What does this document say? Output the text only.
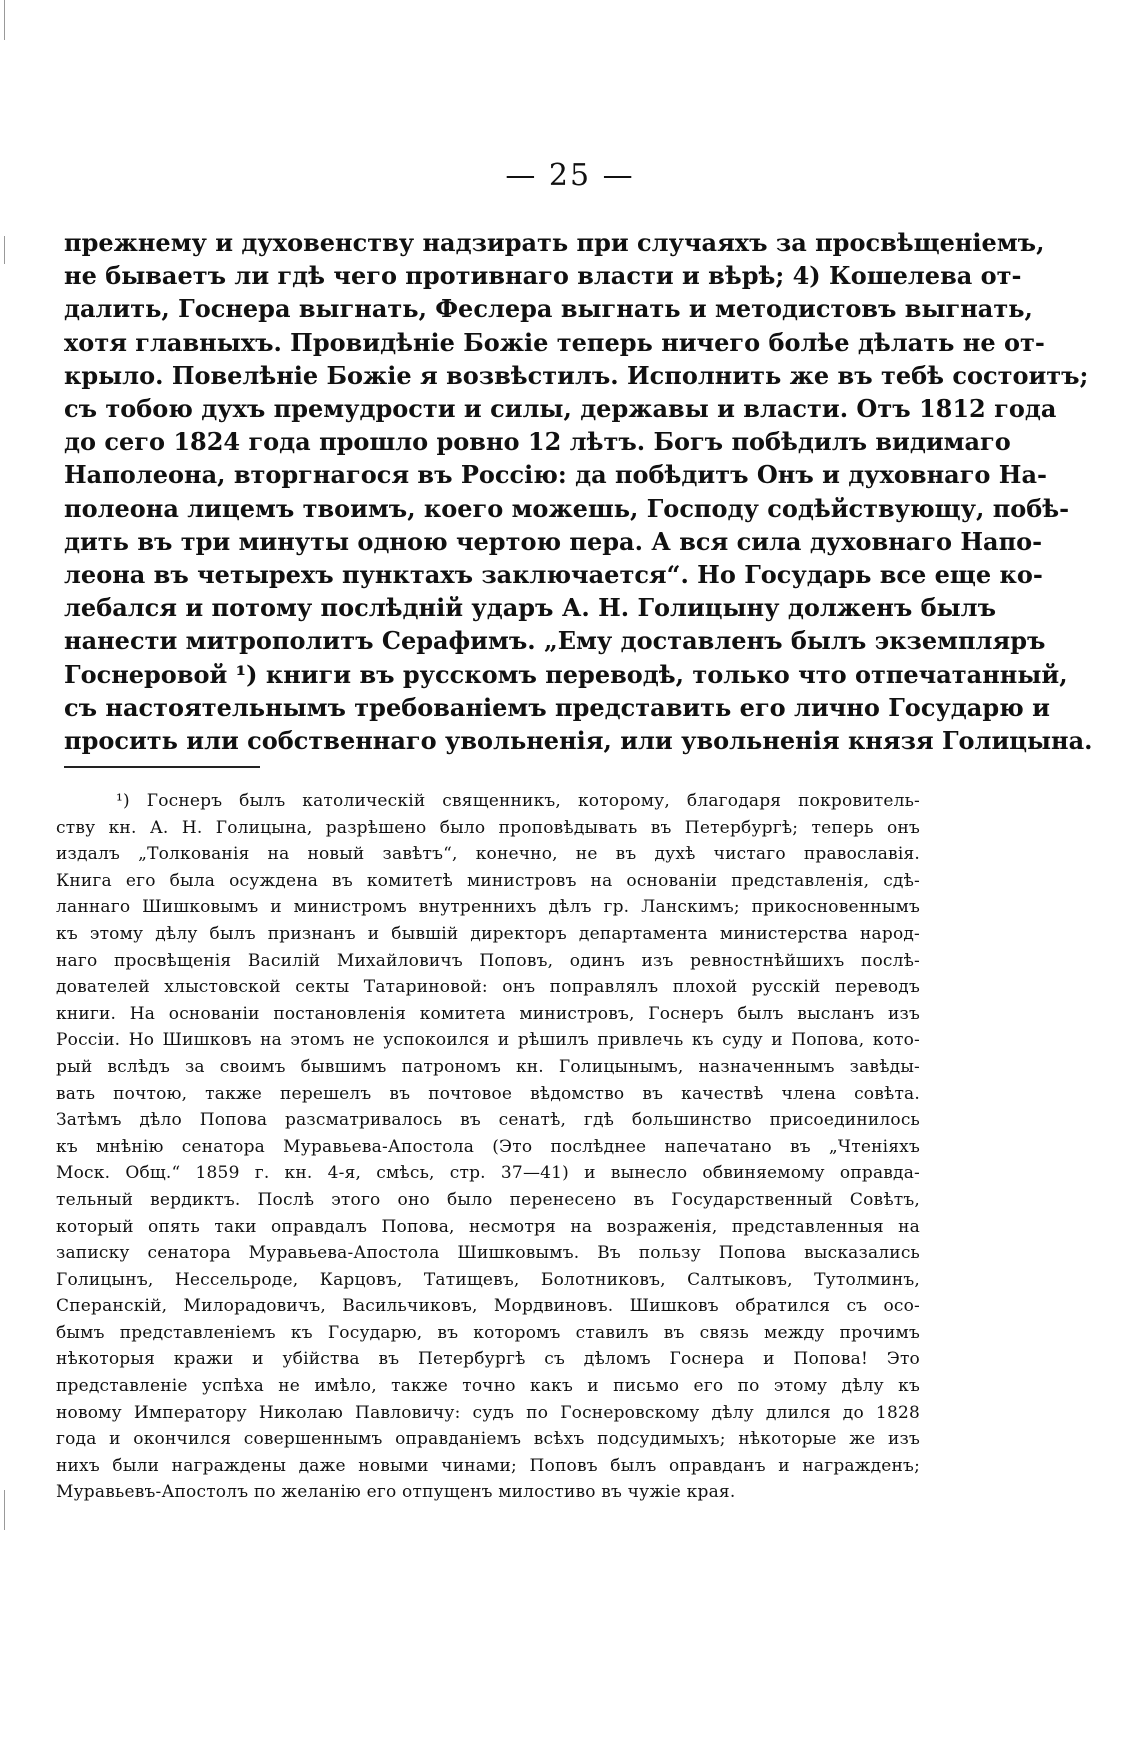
— 25 —
прежнему и духовенству надзирать при случаяхъ за просвѣщеніемъ,
не бываетъ ли гдѣ чего противнаго власти и вѣрѣ; 4) Кошелева от-
далить, Госнера выгнать, Феслера выгнать и методистовъ выгнать,
хотя главныхъ. Провидѣніе Божіе теперь ничего болѣе дѣлать не от-
крыло. Повелѣніе Божіе я возвѣстилъ. Исполнить же въ тебѣ состоитъ;
съ тобою духъ премудрости и силы, державы и власти. Отъ 1812 года
до сего 1824 года прошло ровно 12 лѣтъ. Богъ побѣдилъ видимаго
Наполеона, вторгнагося въ Россію: да побѣдитъ Онъ и духовнаго На-
полеона лицемъ твоимъ, коего можешь, Господу содѣйствующу, побѣ-
дить въ три минуты одною чертою пера. А вся сила духовнаго Напо-
леона въ четырехъ пунктахъ заключается“. Но Государь все еще ко-
лебался и потому послѣдній ударъ А. Н. Голицыну долженъ былъ
нанести митрополитъ Серафимъ. „Ему доставленъ былъ экземпляръ
Госнеровой ¹) книги въ русскомъ переводѣ, только что отпечатанный,
съ настоятельнымъ требованіемъ представить его лично Государю и
просить или собственнаго увольненія, или увольненія князя Голицына.
¹) Госнеръ былъ католическій священникъ, которому, благодаря покровитель-
ству кн. А. Н. Голицына, разрѣшено было проповѣдывать въ Петербургѣ; теперь онъ
издалъ „Толкованія на новый завѣтъ“, конечно, не въ духѣ чистаго православія.
Книга его была осуждена въ комитетѣ министровъ на основаніи представленія, сдѣ-
ланнаго Шишковымъ и министромъ внутреннихъ дѣлъ гр. Ланскимъ; прикосновеннымъ
къ этому дѣлу былъ признанъ и бывшій директоръ департамента министерства народ-
наго просвѣщенія Василій Михайловичъ Поповъ, одинъ изъ ревностнѣйшихъ послѣ-
дователей хлыстовской секты Татариновой: онъ поправлялъ плохой русскій переводъ
книги. На основаніи постановленія комитета министровъ, Госнеръ былъ высланъ изъ
Россіи. Но Шишковъ на этомъ не успокоился и рѣшилъ привлечь къ суду и Попова, кото-
рый вслѣдъ за своимъ бывшимъ патрономъ кн. Голицынымъ, назначеннымъ завѣды-
вать почтою, также перешелъ въ почтовое вѣдомство въ качествѣ члена совѣта.
Затѣмъ дѣло Попова разсматривалось въ сенатѣ, гдѣ большинство присоединилось
къ мнѣнію сенатора Муравьева-Апостола (Это послѣднее напечатано въ „Чтеніяхъ
Моск. Общ.“ 1859 г. кн. 4-я, смѣсь, стр. 37—41) и вынесло обвиняемому оправда-
тельный вердиктъ. Послѣ этого оно было перенесено въ Государственный Совѣтъ,
который опять таки оправдалъ Попова, несмотря на возраженія, представленныя на
записку сенатора Муравьева-Апостола Шишковымъ. Въ пользу Попова высказались
Голицынъ, Нессельроде, Карцовъ, Татищевъ, Болотниковъ, Салтыковъ, Тутолминъ,
Сперанскій, Милорадовичъ, Васильчиковъ, Мордвиновъ. Шишковъ обратился съ осо-
бымъ представленіемъ къ Государю, въ которомъ ставилъ въ связь между прочимъ
нѣкоторыя кражи и убійства въ Петербургѣ съ дѣломъ Госнера и Попова! Это
представленіе успѣха не имѣло, также точно какъ и письмо его по этому дѣлу къ
новому Императору Николаю Павловичу: судъ по Госнеровскому дѣлу длился до 1828
года и окончился совершеннымъ оправданіемъ всѣхъ подсудимыхъ; нѣкоторые же изъ
нихъ были награждены даже новыми чинами; Поповъ былъ оправданъ и награжденъ;
Муравьевъ-Апостолъ по желанію его отпущенъ милостиво въ чужіе края.
